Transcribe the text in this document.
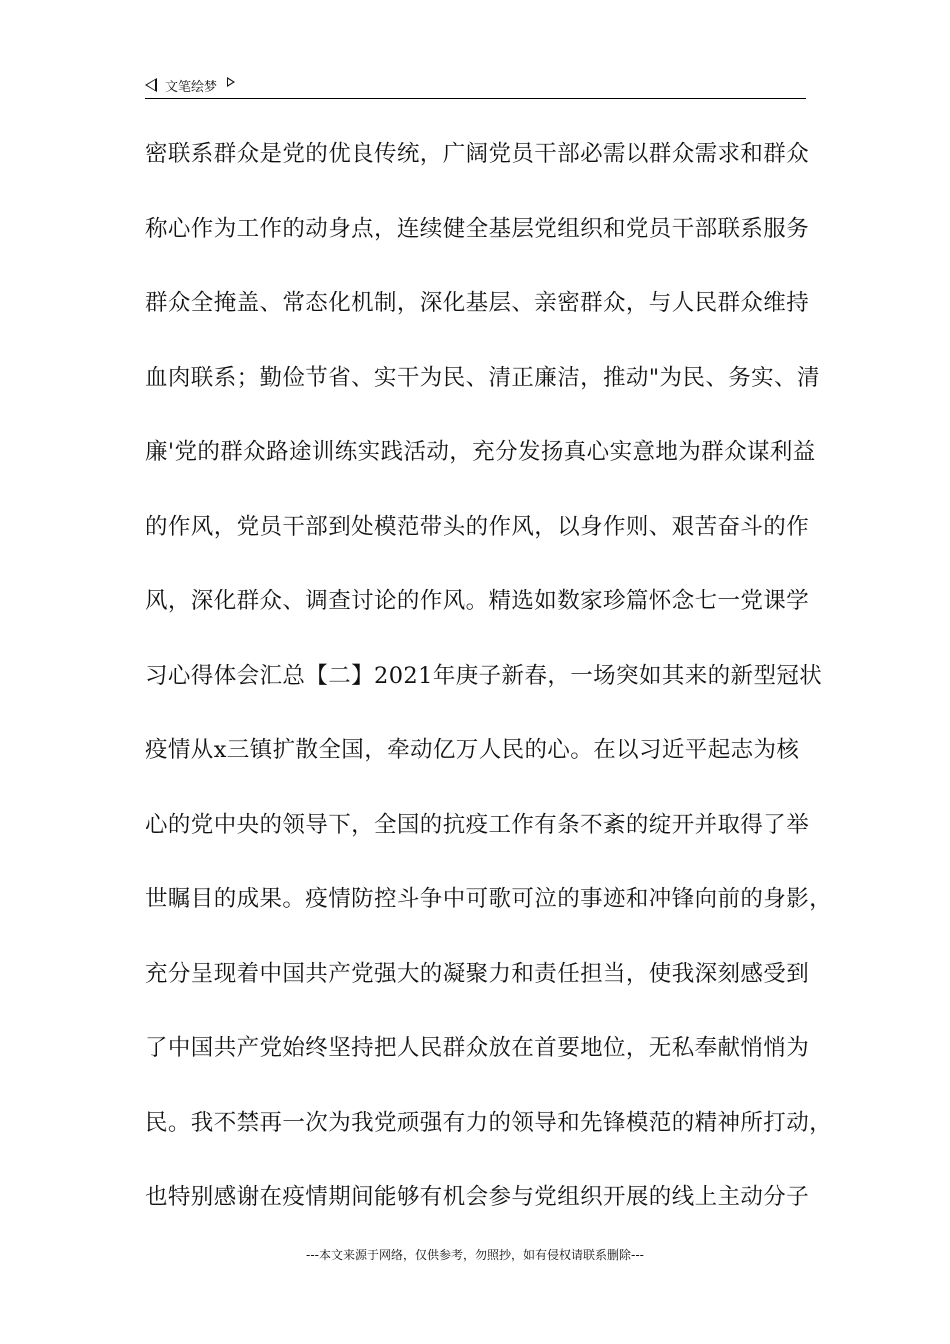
文笔绘梦
密联系群众是党的优良传统，广阔党员干部必需以群众需求和群众
称心作为工作的动身点，连续健全基层党组织和党员干部联系服务
群众全掩盖、常态化机制，深化基层、亲密群众，与人民群众维持
血肉联系；勤俭节省、实干为民、清正廉洁，推动"为民、务实、清
廉'党的群众路途训练实践活动，充分发扬真心实意地为群众谋利益
的作风，党员干部到处模范带头的作风，以身作则、艰苦奋斗的作
风，深化群众、调查讨论的作风。精选如数家珍篇怀念七一党课学
习心得体会汇总【二】2021年庚子新春，一场突如其来的新型冠状
疫情从x三镇扩散全国，牵动亿万人民的心。在以习近平起志为核
心的党中央的领导下，全国的抗疫工作有条不紊的绽开并取得了举
世瞩目的成果。疫情防控斗争中可歌可泣的事迹和冲锋向前的身影，
充分呈现着中国共产党强大的凝聚力和责任担当，使我深刻感受到
了中国共产党始终坚持把人民群众放在首要地位，无私奉献悄悄为
民。我不禁再一次为我党顽强有力的领导和先锋模范的精神所打动，
也特别感谢在疫情期间能够有机会参与党组织开展的线上主动分子
---本文来源于网络，仅供参考，勿照抄，如有侵权请联系删除---
